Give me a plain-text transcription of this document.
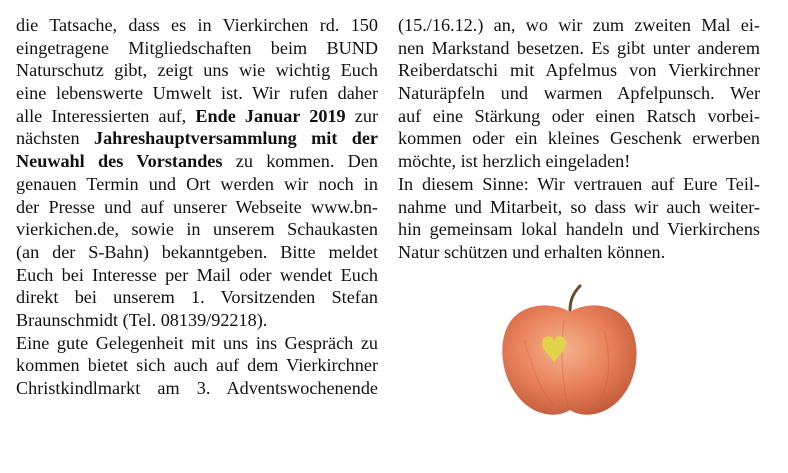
die Tatsache, dass es in Vierkirchen rd. 150
eingetragene Mitgliedschaften beim BUND
Naturschutz gibt, zeigt uns wie wichtig Euch
eine lebenswerte Umwelt ist. Wir rufen daher
alle Interessierten auf, Ende Januar 2019 zur
nächsten Jahreshauptversammlung mit der
Neuwahl des Vorstandes zu kommen. Den
genauen Termin und Ort werden wir noch in
der Presse und auf unserer Webseite www.bn-
vierkichen.de, sowie in unserem Schaukasten
(an der S-Bahn) bekanntgeben. Bitte meldet
Euch bei Interesse per Mail oder wendet Euch
direkt bei unserem 1. Vorsitzenden Stefan
Braunschmidt (Tel. 08139/92218).
Eine gute Gelegenheit mit uns ins Gespräch zu
kommen bietet sich auch auf dem Vierkirchner
Christkindlmarkt am 3. Adventswochenende
(15./16.12.) an, wo wir zum zweiten Mal ei-
nen Markstand besetzen. Es gibt unter anderem
Reiberdatschi mit Apfelmus von Vierkirchner
Naturäpfeln und warmen Apfelpunsch. Wer
auf eine Stärkung oder einen Ratsch vorbei-
kommen oder ein kleines Geschenk erwerben
möchte, ist herzlich eingeladen!
In diesem Sinne: Wir vertrauen auf Eure Teil-
nahme und Mitarbeit, so dass wir auch weiter-
hin gemeinsam lokal handeln und Vierkirchens
Natur schützen und erhalten können.
